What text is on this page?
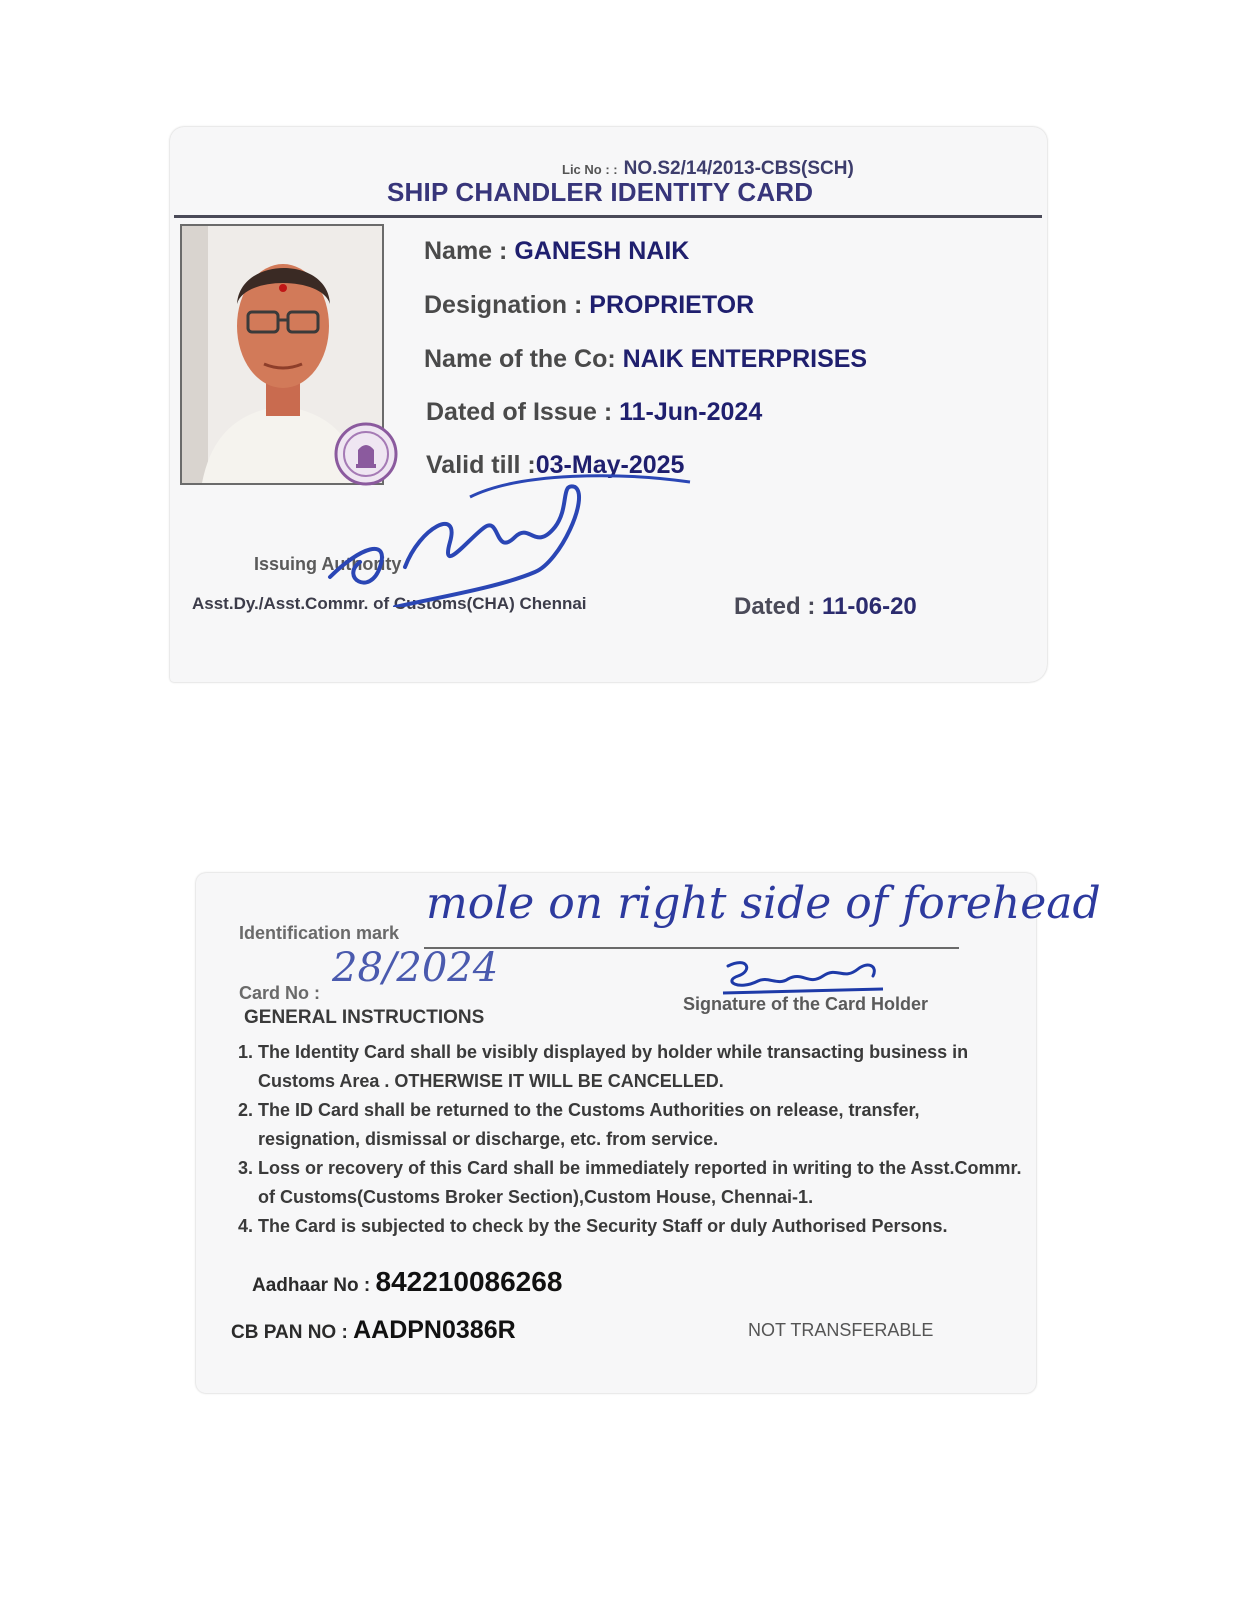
Lic No : : NO.S2/14/2013-CBS(SCH)
SHIP CHANDLER IDENTITY CARD
Name : GANESH NAIK
Designation : PROPRIETOR
Name of the Co: NAIK ENTERPRISES
Dated of Issue : 11-Jun-2024
Valid till :03-May-2025
Issuing Authority
Asst.Dy./Asst.Commr. of Customs(CHA) Chennai	Dated : 11-06-20
mole on right side of forehead
Identification mark
28/2024
Card No :
Signature of the Card Holder
GENERAL INSTRUCTIONS
1. The Identity Card shall be visibly displayed by holder while transacting business in Customs Area . OTHERWISE IT WILL BE CANCELLED.
2. The ID Card shall be returned to the Customs Authorities on release, transfer, resignation, dismissal or discharge, etc. from service.
3. Loss or recovery of this Card shall be immediately reported in writing to the Asst.Commr. of Customs(Customs Broker Section),Custom House, Chennai-1.
4. The Card is subjected to check by the Security Staff or duly Authorised Persons.
Aadhaar No : 842210086268
CB PAN NO : AADPN0386R	NOT TRANSFERABLE
